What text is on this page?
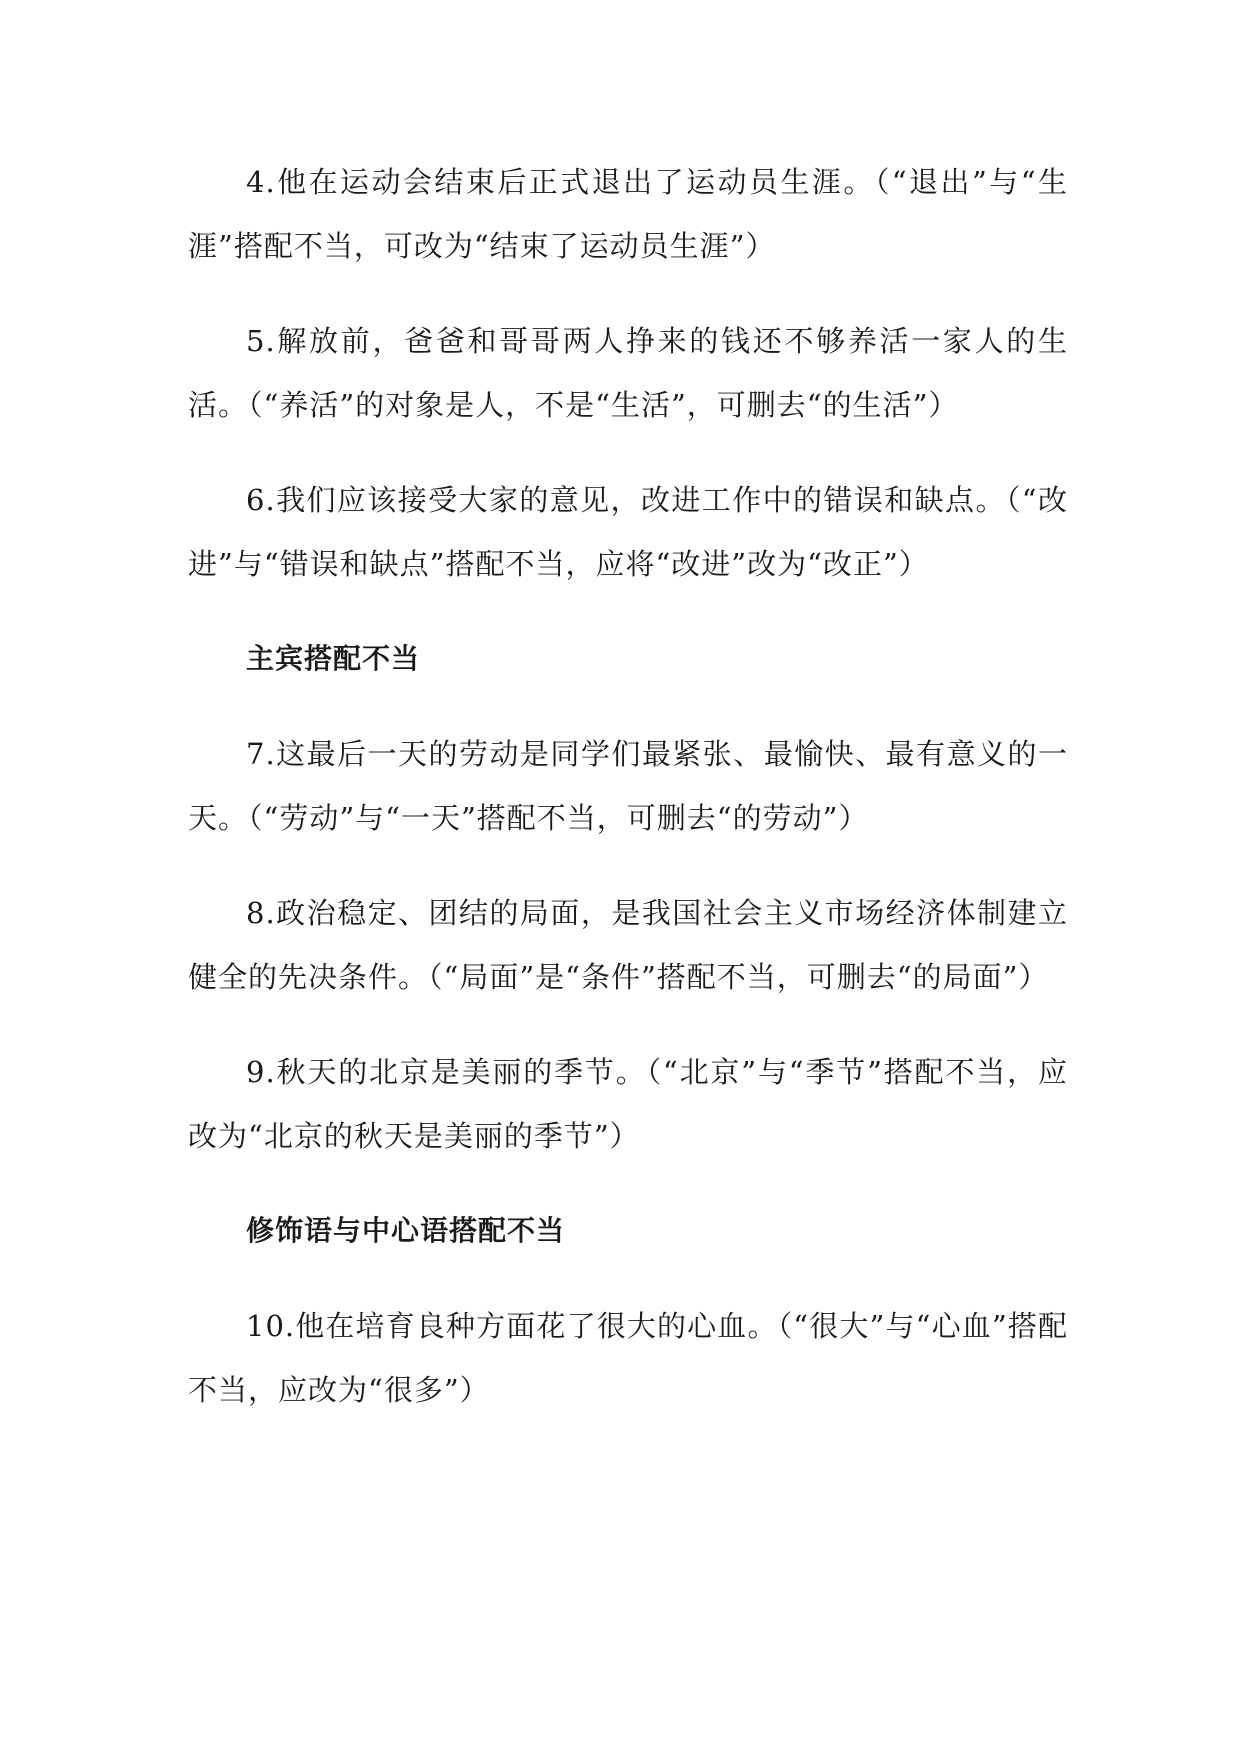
4.他在运动会结束后正式退出了运动员生涯。（“退出”与“生涯”搭配不当，可改为“结束了运动员生涯”）

5.解放前，爸爸和哥哥两人挣来的钱还不够养活一家人的生活。（“养活”的对象是人，不是“生活”，可删去“的生活”）

6.我们应该接受大家的意见，改进工作中的错误和缺点。（“改进”与“错误和缺点”搭配不当，应将“改进”改为“改正”）

主宾搭配不当

7.这最后一天的劳动是同学们最紧张、最愉快、最有意义的一天。（“劳动”与“一天”搭配不当，可删去“的劳动”）

8.政治稳定、团结的局面，是我国社会主义市场经济体制建立健全的先决条件。（“局面”是“条件”搭配不当，可删去“的局面”）

9.秋天的北京是美丽的季节。（“北京”与“季节”搭配不当，应改为“北京的秋天是美丽的季节”）

修饰语与中心语搭配不当

10.他在培育良种方面花了很大的心血。（“很大”与“心血”搭配不当，应改为“很多”）
